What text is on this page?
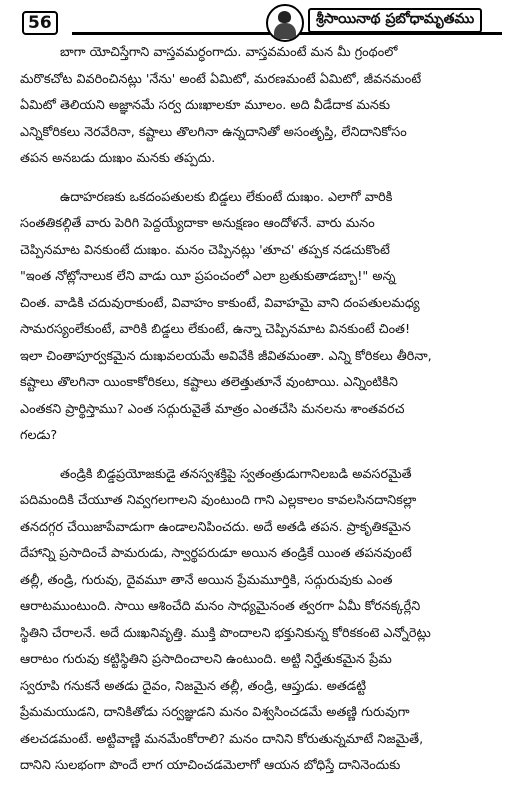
56	శ్రీసాయినాథ ప్రబోధామృతము
బాగా యోచిస్తేగాని వాస్తవమర్ధంగాదు. వాస్తవమంటే మన మీ గ్రంథంలో
మరొకచోట వివరించినట్లు 'నేను' అంటే ఏమిటో, మరణమంటే ఏమిటో, జీవనమంటే
ఏమిటో తెలియని అజ్ఞానమే సర్వ దుఃఖాలకూ మూలం. అది వీడేదాక మనకు
ఎన్నికోరికలు నెరవేరినా, కష్టాలు తొలగినా ఉన్నదానితో అసంతృప్తి, లేనిదానికోసం
తపన అనబడు దుఃఖం మనకు తప్పదు.
ఉదాహరణకు ఒకదంపతులకు బిడ్డలు లేకుంటే దుఃఖం. ఎలాగో వారికి
సంతతికల్గితే వారు పెరిగి పెద్దయ్యేదాకా అనుక్షణం ఆందోళనే. వారు మనం
చెప్పినమాట వినకుంటే దుఃఖం. మనం చెప్పినట్లు 'తూచ' తప్పక నడచుకొంటే
"ఇంత నోట్లోనాలుక లేని వాడు యీ ప్రపంచంలో ఎలా బ్రతుకుతాడబ్బా!" అన్న
చింత. వాడికి చదువురాకుంటే, వివాహం కాకుంటే, వివాహమై వాని దంపతులమధ్య
సామరస్యంలేకుంటే, వారికి బిడ్డలు లేకుంటే, ఉన్నా చెప్పినమాట వినకుంటే చింత!
ఇలా చింతాపూర్వకమైన దుఃఖవలయమే అవివేకి జీవితమంతా. ఎన్ని కోరికలు తీరినా,
కష్టాలు తొలగినా యింకాకోరికలు, కష్టాలు తలెత్తుతూనే వుంటాయి. ఎన్నింటికిని
ఎంతకని ప్రార్థిస్తాము? ఎంత సద్గురువైతే మాత్రం ఎంతచేసి మనలను శాంతవరచ
గలడు?
తండ్రికి బిడ్డప్రయోజకుడై తనస్వశక్తిపై స్వతంత్రుడుగానిలబడి అవసరమైతే
పదిమందికి చేయూత నివ్వగలగాలని వుంటుంది గాని ఎల్లకాలం కావలసినదానికల్లా
తనదగ్గర చేయిజాపేవాడుగా ఉండాలనిపించదు. అదే అతడి తపన. ప్రాకృతికమైన
దేహాన్ని ప్రసాదించే పామరుడు, స్వార్థపరుడూ అయిన తండ్రికే యింత తపనవుంటే
తల్లీ, తండ్రి, గురువు, దైవమూ తానే అయిన ప్రేమమూర్తికి, సద్గురువుకు ఎంత
ఆరాటముంటుంది. సాయి ఆశించేది మనం సాధ్యమైనంత త్వరగా ఏమీ కోరనక్కర్లేని
స్థితిని చేరాలనే. అదే దుఃఖనివృత్తి. ముక్తి పొందాలని భక్తునికున్న కోరికకంటె ఎన్నోరెట్లు
ఆరాటం గురువు కట్టిస్థితిని ప్రసాదించాలని ఉంటుంది. అట్టి నిర్హేతుకమైన ప్రేమ
స్వరూపి గనుకనే అతడు దైవం, నిజమైన తల్లీ, తండ్రి, ఆప్తుడు. అతడట్టి
ప్రేమమయుడని, దానికితోడు సర్వజ్ఞుడని మనం విశ్వసించడమే అతణ్ణి గురువుగా
తలచడమంటే. అట్టివాణ్ణి మనమేంకోరాలి? మనం దానిని కోరుతున్నమాటే నిజమైతే,
దానిని సులభంగా పొందే లాగ యాచించడమెలాగో ఆయన బోధిస్తే దానినెందుకు
